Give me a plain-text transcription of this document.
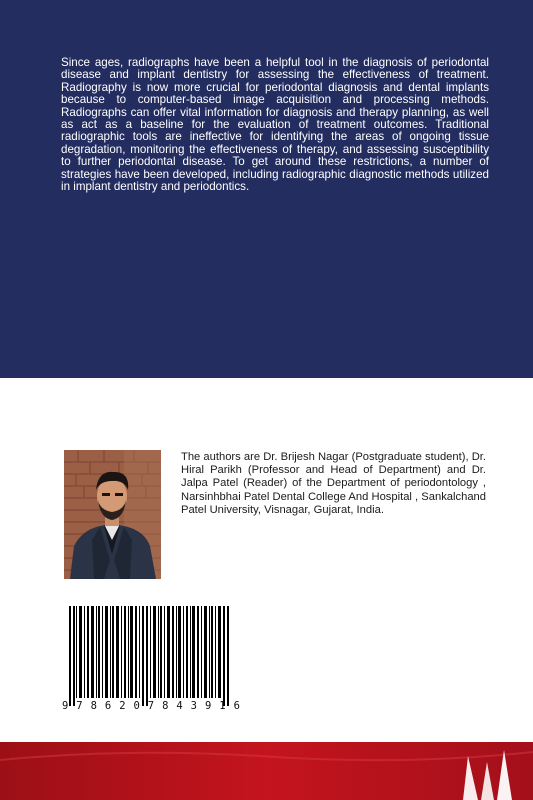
Since ages, radiographs have been a helpful tool in the diagnosis of periodontal disease and implant dentistry for assessing the effectiveness of treatment. Radiography is now more crucial for periodontal diagnosis and dental implants because to computer-based image acquisition and processing methods. Radiographs can offer vital information for diagnosis and therapy planning, as well as act as a baseline for the evaluation of treatment outcomes. Traditional radiographic tools are ineffective for identifying the areas of ongoing tissue degradation, monitoring the effectiveness of therapy, and assessing susceptibility to further periodontal disease. To get around these restrictions, a number of strategies have been developed, including radiographic diagnostic methods utilized in implant dentistry and periodontics.

The authors are Dr. Brijesh Nagar (Postgraduate student), Dr. Hiral Parikh (Professor and Head of Department) and Dr. Jalpa Patel (Reader) of the Department of periodontology , Narsinhbhai Patel Dental College And Hospital , Sankalchand Patel University, Visnagar, Gujarat, India.

9 7 8 6 2 0 7 8 4 3 9 1 6
